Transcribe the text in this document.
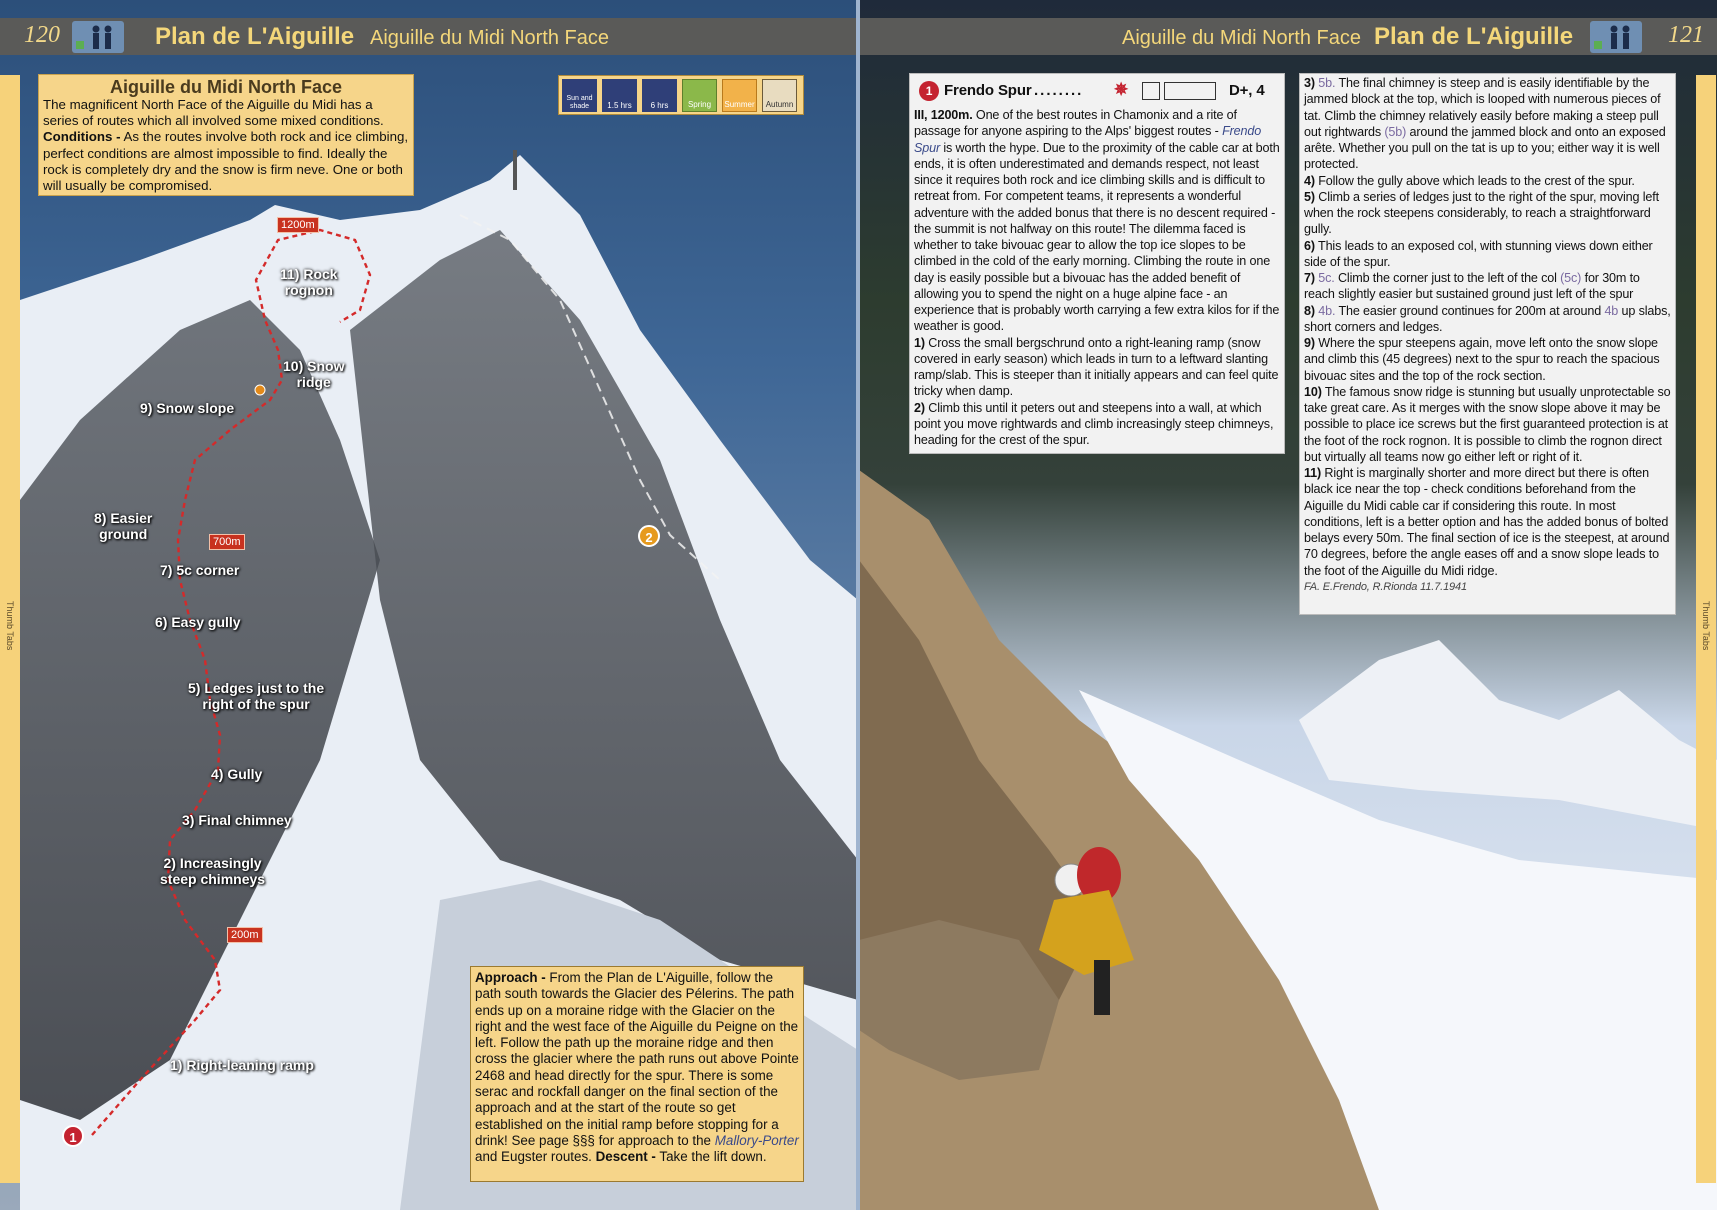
120	Plan de L'Aiguille Aiguille du Midi North Face	Aiguille du Midi North Face Plan de L'Aiguille	121
Thumb Tabs	Thumb Tabs
Aiguille du Midi North Face
The magnificent North Face of the Aiguille du Midi has a series of routes which all involved some mixed conditions. Conditions - As the routes involve both rock and ice climbing, perfect conditions are almost impossible to find. Ideally the rock is completely dry and the snow is firm neve. One or both will usually be compromised.
Sun and shade	1.5 hrs	6 hrs	Spring	Summer	Autumn
1200m
700m
200m
11) Rock
rognon
10) Snow
ridge
9) Snow slope
8) Easier
ground
7) 5c corner
6) Easy gully
5) Ledges just to the
right of the spur
4) Gully
3) Final chimney
2) Increasingly
steep chimneys
1) Right-leaning ramp
1
2
Approach - From the Plan de L'Aiguille, follow the path south towards the Glacier des Pélerins. The path ends up on a moraine ridge with the Glacier on the right and the west face of the Aiguille du Peigne on the left. Follow the path up the moraine ridge and then cross the glacier where the path runs out above Pointe 2468 and head directly for the spur. There is some serac and rockfall danger on the final section of the approach and at the start of the route so get established on the initial ramp before stopping for a drink! See page §§§ for approach to the Mallory-Porter and Eugster routes. Descent - Take the lift down.
1 Frendo Spur ........ ✵	D+, 4

III, 1200m. One of the best routes in Chamonix and a rite of passage for anyone aspiring to the Alps' biggest routes - Frendo Spur is worth the hype. Due to the proximity of the cable car at both ends, it is often underestimated and demands respect, not least since it requires both rock and ice climbing skills and is difficult to retreat from. For competent teams, it represents a wonderful adventure with the added bonus that there is no descent required - the summit is not halfway on this route! The dilemma faced is whether to take bivouac gear to allow the top ice slopes to be climbed in the cold of the early morning. Climbing the route in one day is easily possible but a bivouac has the added benefit of allowing you to spend the night on a huge alpine face - an experience that is probably worth carrying a few extra kilos for if the weather is good.

1) Cross the small bergschrund onto a right-leaning ramp (snow covered in early season) which leads in turn to a leftward slanting ramp/slab. This is steeper than it initially appears and can feel quite tricky when damp.

2) Climb this until it peters out and steepens into a wall, at which point you move rightwards and climb increasingly steep chimneys, heading for the crest of the spur.

3) 5b. The final chimney is steep and is easily identifiable by the jammed block at the top, which is looped with numerous pieces of tat. Climb the chimney relatively easily before making a steep pull out rightwards (5b) around the jammed block and onto an exposed arête. Whether you pull on the tat is up to you; either way it is well protected.

4) Follow the gully above which leads to the crest of the spur.

5) Climb a series of ledges just to the right of the spur, moving left when the rock steepens considerably, to reach a straightforward gully.

6) This leads to an exposed col, with stunning views down either side of the spur.

7) 5c. Climb the corner just to the left of the col (5c) for 30m to reach slightly easier but sustained ground just left of the spur

8) 4b. The easier ground continues for 200m at around 4b up slabs, short corners and ledges.

9) Where the spur steepens again, move left onto the snow slope and climb this (45 degrees) next to the spur to reach the spacious bivouac sites and the top of the rock section.

10) The famous snow ridge is stunning but usually unprotectable so take great care. As it merges with the snow slope above it may be possible to place ice screws but the first guaranteed protection is at the foot of the rock rognon. It is possible to climb the rognon direct but virtually all teams now go either left or right of it.

11) Right is marginally shorter and more direct but there is often black ice near the top - check conditions beforehand from the Aiguille du Midi cable car if considering this route. In most conditions, left is a better option and has the added bonus of bolted belays every 50m. The final section of ice is the steepest, at around 70 degrees, before the angle eases off and a snow slope leads to the foot of the Aiguille du Midi ridge.

FA. E.Frendo, R.Rionda 11.7.1941
